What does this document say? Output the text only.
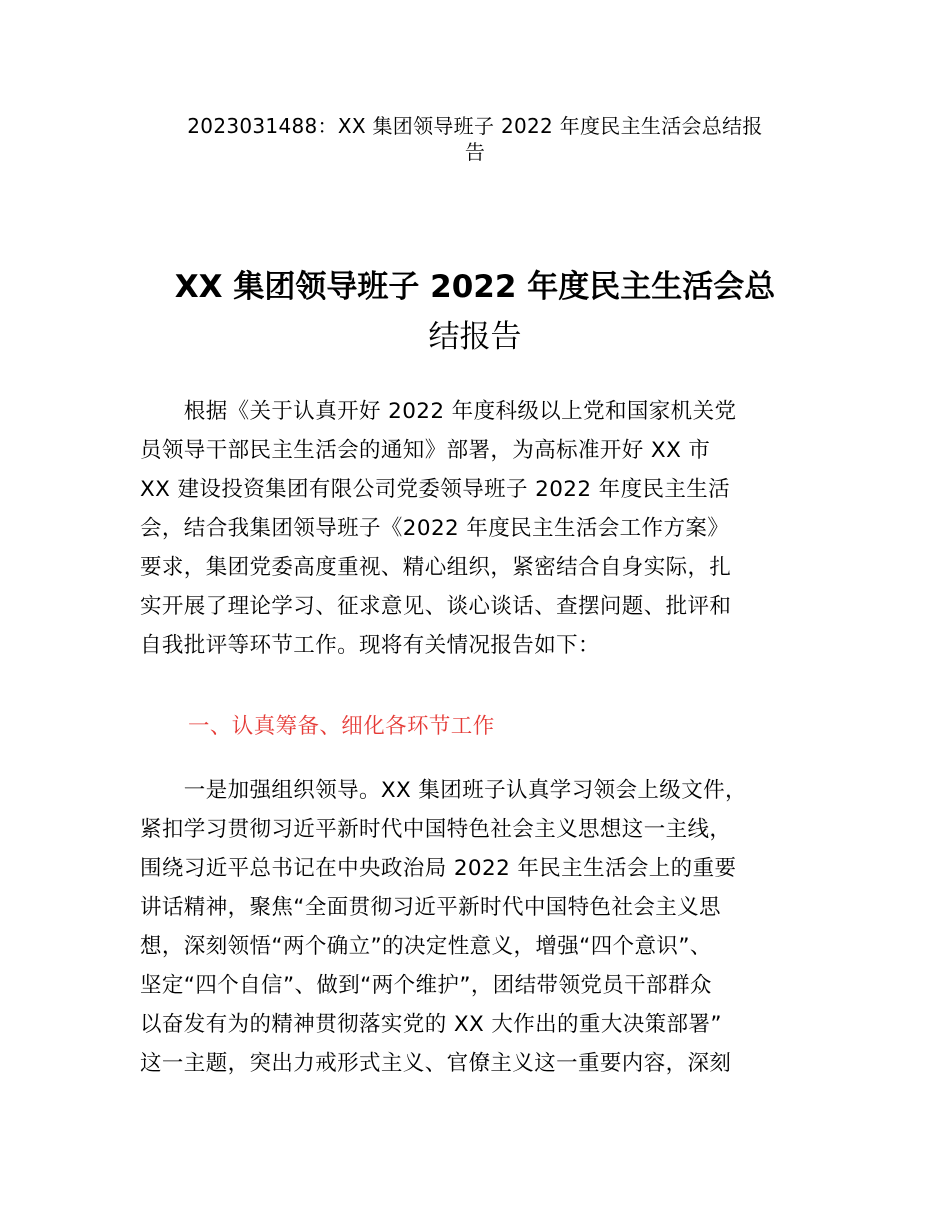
2023031488：XX 集团领导班子 2022 年度民主生活会总结报
告
XX 集团领导班子 2022 年度民主生活会总
结报告
　　根据《关于认真开好 2022 年度科级以上党和国家机关党
员领导干部民主生活会的通知》部署，为高标准开好 XX 市
XX 建设投资集团有限公司党委领导班子 2022 年度民主生活
会，结合我集团领导班子《2022 年度民主生活会工作方案》
要求，集团党委高度重视、精心组织，紧密结合自身实际，扎
实开展了理论学习、征求意见、谈心谈话、查摆问题、批评和
自我批评等环节工作。现将有关情况报告如下：
一、认真筹备、细化各环节工作
　　一是加强组织领导。XX 集团班子认真学习领会上级文件，
紧扣学习贯彻习近平新时代中国特色社会主义思想这一主线，
围绕习近平总书记在中央政治局 2022 年民主生活会上的重要
讲话精神，聚焦“全面贯彻习近平新时代中国特色社会主义思
想，深刻领悟“两个确立”的决定性意义，增强“四个意识”、
坚定“四个自信”、做到“两个维护”，团结带领党员干部群众
以奋发有为的精神贯彻落实党的 XX 大作出的重大决策部署”
这一主题，突出力戒形式主义、官僚主义这一重要内容，深刻
